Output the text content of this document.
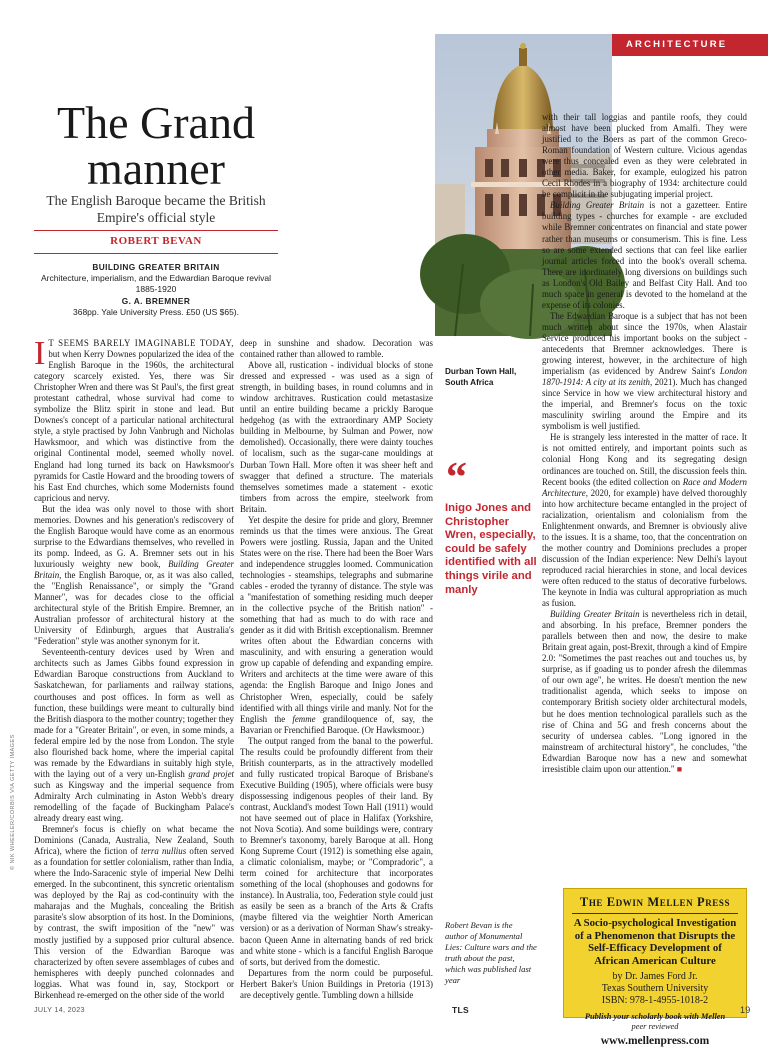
ARCHITECTURE
The Grand manner
The English Baroque became the British Empire's official style
ROBERT BEVAN
BUILDING GREATER BRITAIN
Architecture, imperialism, and the Edwardian Baroque revival 1885-1920
G. A. BREMNER
368pp. Yale University Press. £50 (US $65).
© NIK WHEELER/CORBIS VIA GETTY IMAGES

I T SEEMS BARELY IMAGINABLE TODAY, but when Kerry Downes popularized the idea of the English Baroque in the 1960s, the architectural category scarcely existed. Yes, there was Sir Christopher Wren and there was St Paul's, the first great protestant cathedral, whose survival had come to symbolize the Blitz spirit in stone and lead. But Downes's concept of a particular national architectural style, a style practised by John Vanbrugh and Nicholas Hawksmoor, and which was distinctive from the original Continental model, seemed wholly novel. England had long turned its back on Hawksmoor's pyramids for Castle Howard and the brooding towers of his East End churches, which some Modernists found capricious and nervy.

But the idea was only novel to those with short memories. Downes and his generation's rediscovery of the English Baroque would have come as an enormous surprise to the Edwardians themselves, who revelled in its pomp. Indeed, as G. A. Bremner sets out in his luxuriously weighty new book, Building Greater Britain, the English Baroque, or, as it was also called, the "English Renaissance", or simply the "Grand Manner", was for decades close to the official architectural style of the British Empire. Bremner, an Australian professor of architectural history at the University of Edinburgh, argues that Australia's "Federation" style was another synonym for it.

Seventeenth-century devices used by Wren and architects such as James Gibbs found expression in Edwardian Baroque constructions from Auckland to Saskatchewan, for parliaments and railway stations, courthouses and post offices. In form as well as function, these buildings were meant to culturally bind the British diaspora to the mother country; together they made for a "Greater Britain", or even, in some minds, a federal empire led by the nose from London. The style also flourished back home, where the imperial capital was remade by the Edwardians in suitably high style, with the laying out of a very un-English grand projet such as Kingsway and the imperial sequence from Admiralty Arch culminating in Aston Webb's dreary remodelling of the façade of Buckingham Palace's already dreary east wing.

Bremner's focus is chiefly on what became the Dominions (Canada, Australia, New Zealand, South Africa), where the fiction of terra nullius often served as a foundation for settler colonialism, rather than India, where the Indo-Saracenic style of imperial New Delhi emerged. In the subcontinent, this syncretic orientalism was deployed by the Raj as cod-continuity with the maharajas and the Mughals, concealing the British parasite's slow absorption of its host. In the Dominions, by contrast, the swift imposition of the "new" was mostly justified by a supposed prior cultural absence. This version of the Edwardian Baroque was characterized by often severe assemblages of cubes and hemispheres with deeply punched colonnades and loggias. What was found in, say, Stockport or Birkenhead re-emerged on the other side of the world

deep in sunshine and shadow. Decoration was contained rather than allowed to ramble.

Above all, rustication - individual blocks of stone dressed and expressed - was used as a sign of strength, in building bases, in round columns and in window architraves. Rustication could metastasize until an entire building became a prickly Baroque hedgehog (as with the extraordinary AMP Society building in Melbourne, by Sulman and Power, now demolished). Occasionally, there were dainty touches of localism, such as the sugar-cane mouldings at Durban Town Hall. More often it was sheer heft and swagger that defined a structure. The materials themselves sometimes made a statement - exotic timbers from across the empire, steelwork from Britain.

Yet despite the desire for pride and glory, Bremner reminds us that the times were anxious. The Great Powers were jostling. Russia, Japan and the United States were on the rise. There had been the Boer Wars and independence struggles loomed. Communication technologies - steamships, telegraphs and submarine cables - eroded the tyranny of distance. The style was a "manifestation of something residing much deeper in the collective psyche of the British nation" - something that had as much to do with race and gender as it did with British exceptionalism. Bremner writes often about the Edwardian concerns with masculinity, and with ensuring a generation would grow up capable of defending and expanding empire. Writers and architects at the time were aware of this agenda: the English Baroque and Inigo Jones and Christopher Wren, especially, could be safely identified with all things virile and manly. Not for the English the femme grandiloquence of, say, the Bavarian or Frenchified Baroque. (Or Hawksmoor.)

The output ranged from the banal to the powerful. The results could be profoundly different from their British counterparts, as in the attractively modelled and fully rusticated tropical Baroque of Brisbane's Executive Building (1905), where officials were busy dispossessing indigenous peoples of their land. By contrast, Auckland's modest Town Hall (1911) would not have seemed out of place in Halifax (Yorkshire, not Nova Scotia). And some buildings were, contrary to Bremner's taxonomy, barely Baroque at all. Hong Kong Supreme Court (1912) is something else again, a climatic colonialism, maybe; or "Compradoric", a term coined for architecture that incorporates something of the local (shophouses and godowns for instance). In Australia, too, Federation style could just as easily be seen as a branch of the Arts & Crafts (maybe filtered via the weightier North American version) or as a derivation of Norman Shaw's streaky-bacon Queen Anne in alternating bands of red brick and white stone - which is a fanciful English Baroque of sorts, but derived from the domestic.

Departures from the norm could be purposeful. Herbert Baker's Union Buildings in Pretoria (1913) are deceptively gentle. Tumbling down a hillside

Durban Town Hall, South Africa
“
Inigo Jones and Christopher Wren, especially, could be safely identified with all things virile and manly
Robert Bevan is the author of Monumental Lies: Culture wars and the truth about the past, which was published last year

with their tall loggias and pantile roofs, they could almost have been plucked from Amalfi. They were justified to the Boers as part of the common Greco-Roman foundation of Western culture. Vicious agendas were thus concealed even as they were celebrated in other media. Baker, for example, eulogized his patron Cecil Rhodes in a biography of 1934: architecture could be complicit in the subjugating imperial project.

Building Greater Britain is not a gazetteer. Entire building types - churches for example - are excluded while Bremner concentrates on financial and state power rather than museums or consumerism. This is fine. Less so are some extended sections that can feel like earlier journal articles forced into the book's overall schema. There are inordinately long diversions on buildings such as London's Old Bailey and Belfast City Hall. And too much space in general is devoted to the homeland at the expense of its colonies.

The Edwardian Baroque is a subject that has not been much written about since the 1970s, when Alastair Service produced his important books on the subject - antecedents that Bremner acknowledges. There is growing interest, however, in the architecture of high imperialism (as evidenced by Andrew Saint's London 1870-1914: A city at its zenith, 2021). Much has changed since Service in how we view architectural history and the imperial, and Bremner's focus on the toxic masculinity swirling around the Empire and its symbolism is well justified.

He is strangely less interested in the matter of race. It is not omitted entirely, and important points such as colonial Hong Kong and its segregating design ordinances are touched on. Still, the discussion feels thin. Recent books (the edited collection on Race and Modern Architecture, 2020, for example) have delved thoroughly into how architecture became entangled in the project of racialization, orientalism and colonialism from the Enlightenment onwards, and Bremner is obviously alive to the issues. It is a shame, too, that the concentration on the mother country and Dominions precludes a proper discussion of the Indian experience: New Delhi's layout reproduced racial hierarchies in stone, and local devices were often reduced to the status of decorative furbelows. The keynote in India was cultural appropriation as much as fusion.

Building Greater Britain is nevertheless rich in detail, and absorbing. In his preface, Bremner ponders the parallels between then and now, the desire to make Britain great again, post-Brexit, through a kind of Empire 2.0: "Sometimes the past reaches out and touches us, by surprise, as if goading us to ponder afresh the dilemmas of our own age", he writes. He doesn't mention the new traditionalist agenda, which seeks to impose on contemporary British society older architectural models, but he does mention technological parallels such as the rise of China and 5G and fresh concerns about the security of undersea cables. "Long ignored in the mainstream of architectural history", he concludes, "the Edwardian Baroque now has a new and somewhat irresistible claim upon our attention." ■

The Edwin Mellen Press
A Socio-psychological Investigation of a Phenomenon that Disrupts the Self-Efficacy Development of African American Culture
by Dr. James Ford Jr.
Texas Southern University
ISBN: 978-1-4955-1018-2
Publish your scholarly book with Mellen
peer reviewed
www.mellenpress.com
JULY 14, 2023	TLS	19
